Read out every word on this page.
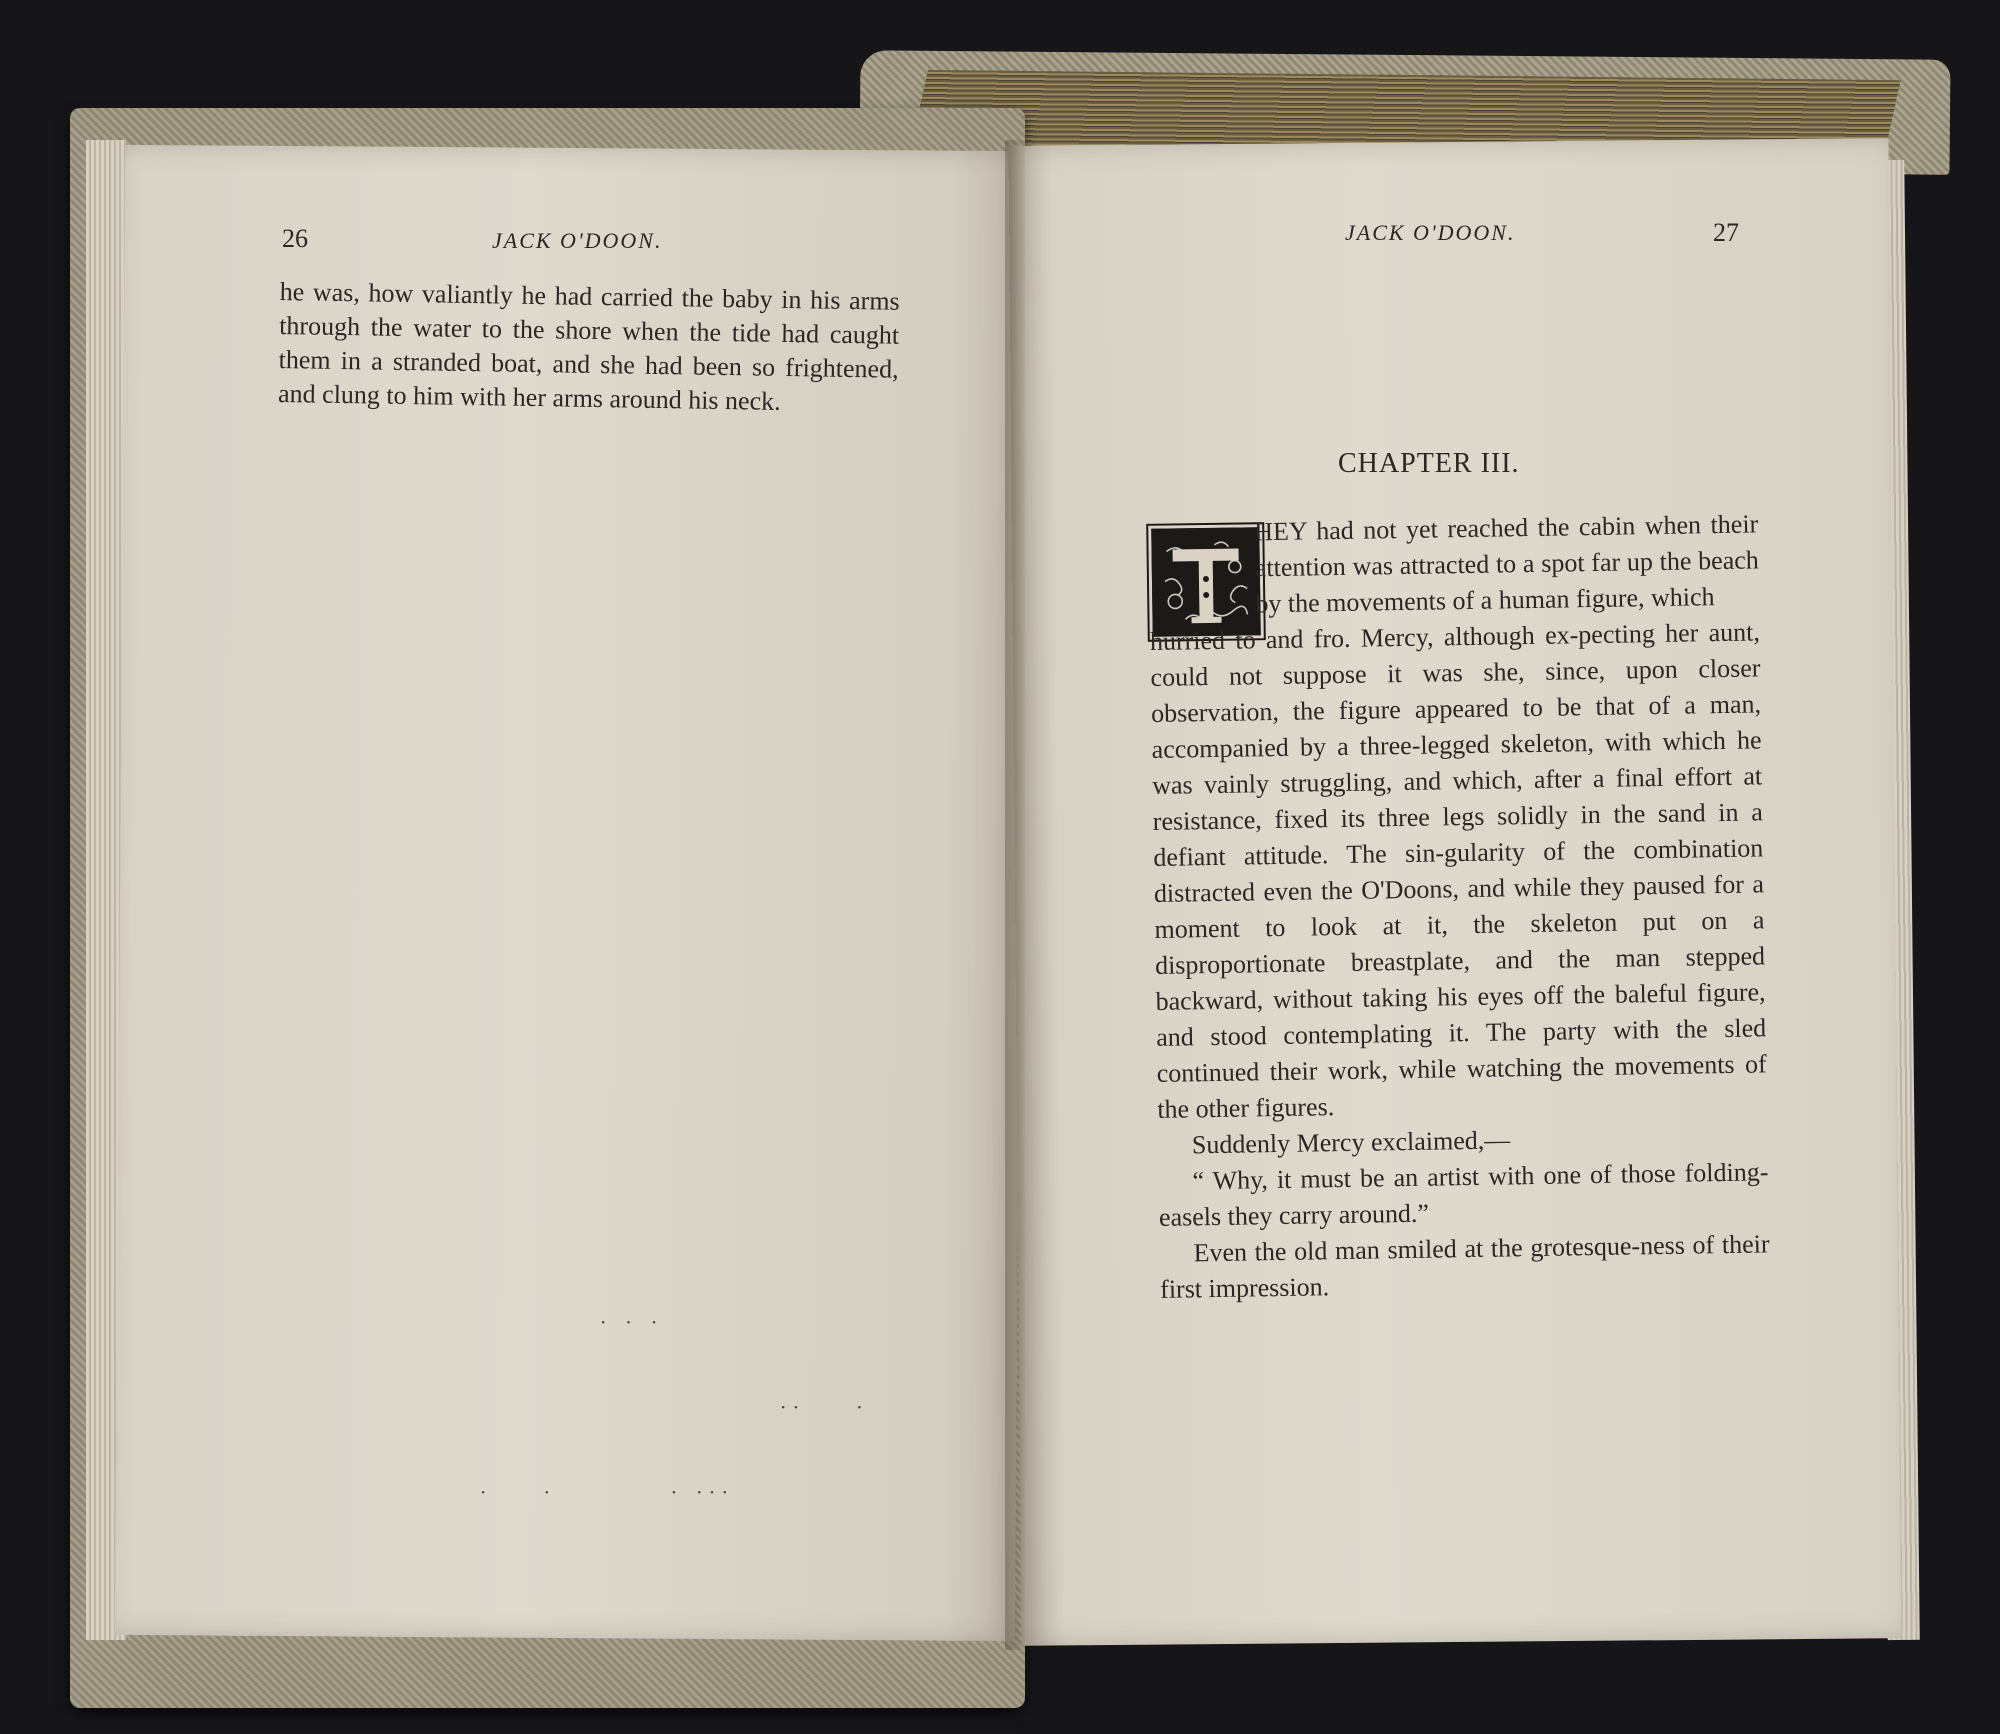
26	JACK O'DOON.

he was, how valiantly he had carried the baby in his arms through the water to the shore when the tide had caught them in a stranded boat, and she had been so frightened, and clung to him with her arms around his neck.

JACK O'DOON.	27
CHAPTER III.

HEY had not yet reached the cabin when their attention was attracted to a spot far up the beach by the movements of a human figure, which

hurried to and fro. Mercy, although ex-pecting her aunt, could not suppose it was she, since, upon closer observation, the figure appeared to be that of a man, accompanied by a three-legged skeleton, with which he was vainly struggling, and which, after a final effort at resistance, fixed its three legs solidly in the sand in a defiant attitude. The sin-gularity of the combination distracted even the O'Doons, and while they paused for a moment to look at it, the skeleton put on a disproportionate breastplate, and the man stepped backward, without taking his eyes off the baleful figure, and stood contemplating it. The party with the sled continued their work, while watching the movements of the other figures.

Suddenly Mercy exclaimed,—

“ Why, it must be an artist with one of those folding-easels they carry around.”

Even the old man smiled at the grotesque-ness of their first impression.

·   ·   ·
· ·         ·
·         ·                   ·   · · ·
